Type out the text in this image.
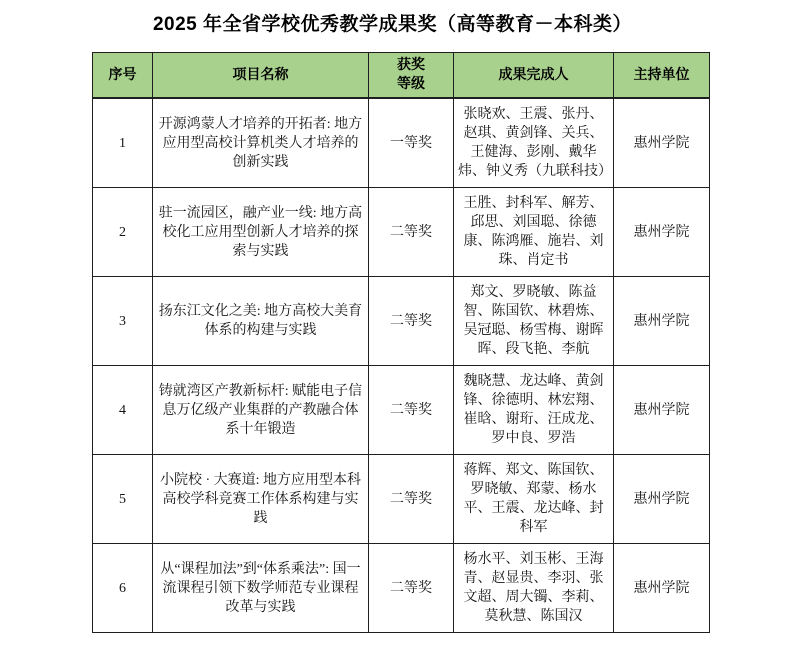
2025 年全省学校优秀教学成果奖（高等教育－本科类）
序号	项目名称	获奖等级	成果完成人	主持单位
1	开源鸿蒙人才培养的开拓者: 地方应用型高校计算机类人才培养的创新实践	一等奖	张晓欢、王震、张丹、赵琪、黄剑锋、关兵、王健海、彭刚、戴华炜、钟义秀（九联科技）	惠州学院
2	驻一流园区，融产业一线: 地方高校化工应用型创新人才培养的探索与实践	二等奖	王胜、封科军、解芳、邱思、刘国聪、徐德康、陈鸿雁、施岩、刘珠、肖定书	惠州学院
3	扬东江文化之美: 地方高校大美育体系的构建与实践	二等奖	郑文、罗晓敏、陈益智、陈国钦、林碧炼、吴冠聪、杨雪梅、谢晖晖、段飞艳、李航	惠州学院
4	铸就湾区产教新标杆: 赋能电子信息万亿级产业集群的产教融合体系十年锻造	二等奖	魏晓慧、龙达峰、黄剑锋、徐德明、林宏翔、崔晗、谢珩、汪成龙、罗中良、罗浩	惠州学院
5	小院校 · 大赛道: 地方应用型本科高校学科竞赛工作体系构建与实践	二等奖	蒋辉、郑文、陈国钦、罗晓敏、郑蒙、杨水平、王震、龙达峰、封科军	惠州学院
6	从“课程加法”到“体系乘法”: 国一流课程引领下数学师范专业课程改革与实践	二等奖	杨水平、刘玉彬、王海青、赵显贵、李羽、张文超、周大镯、李莉、莫秋慧、陈国汉	惠州学院
